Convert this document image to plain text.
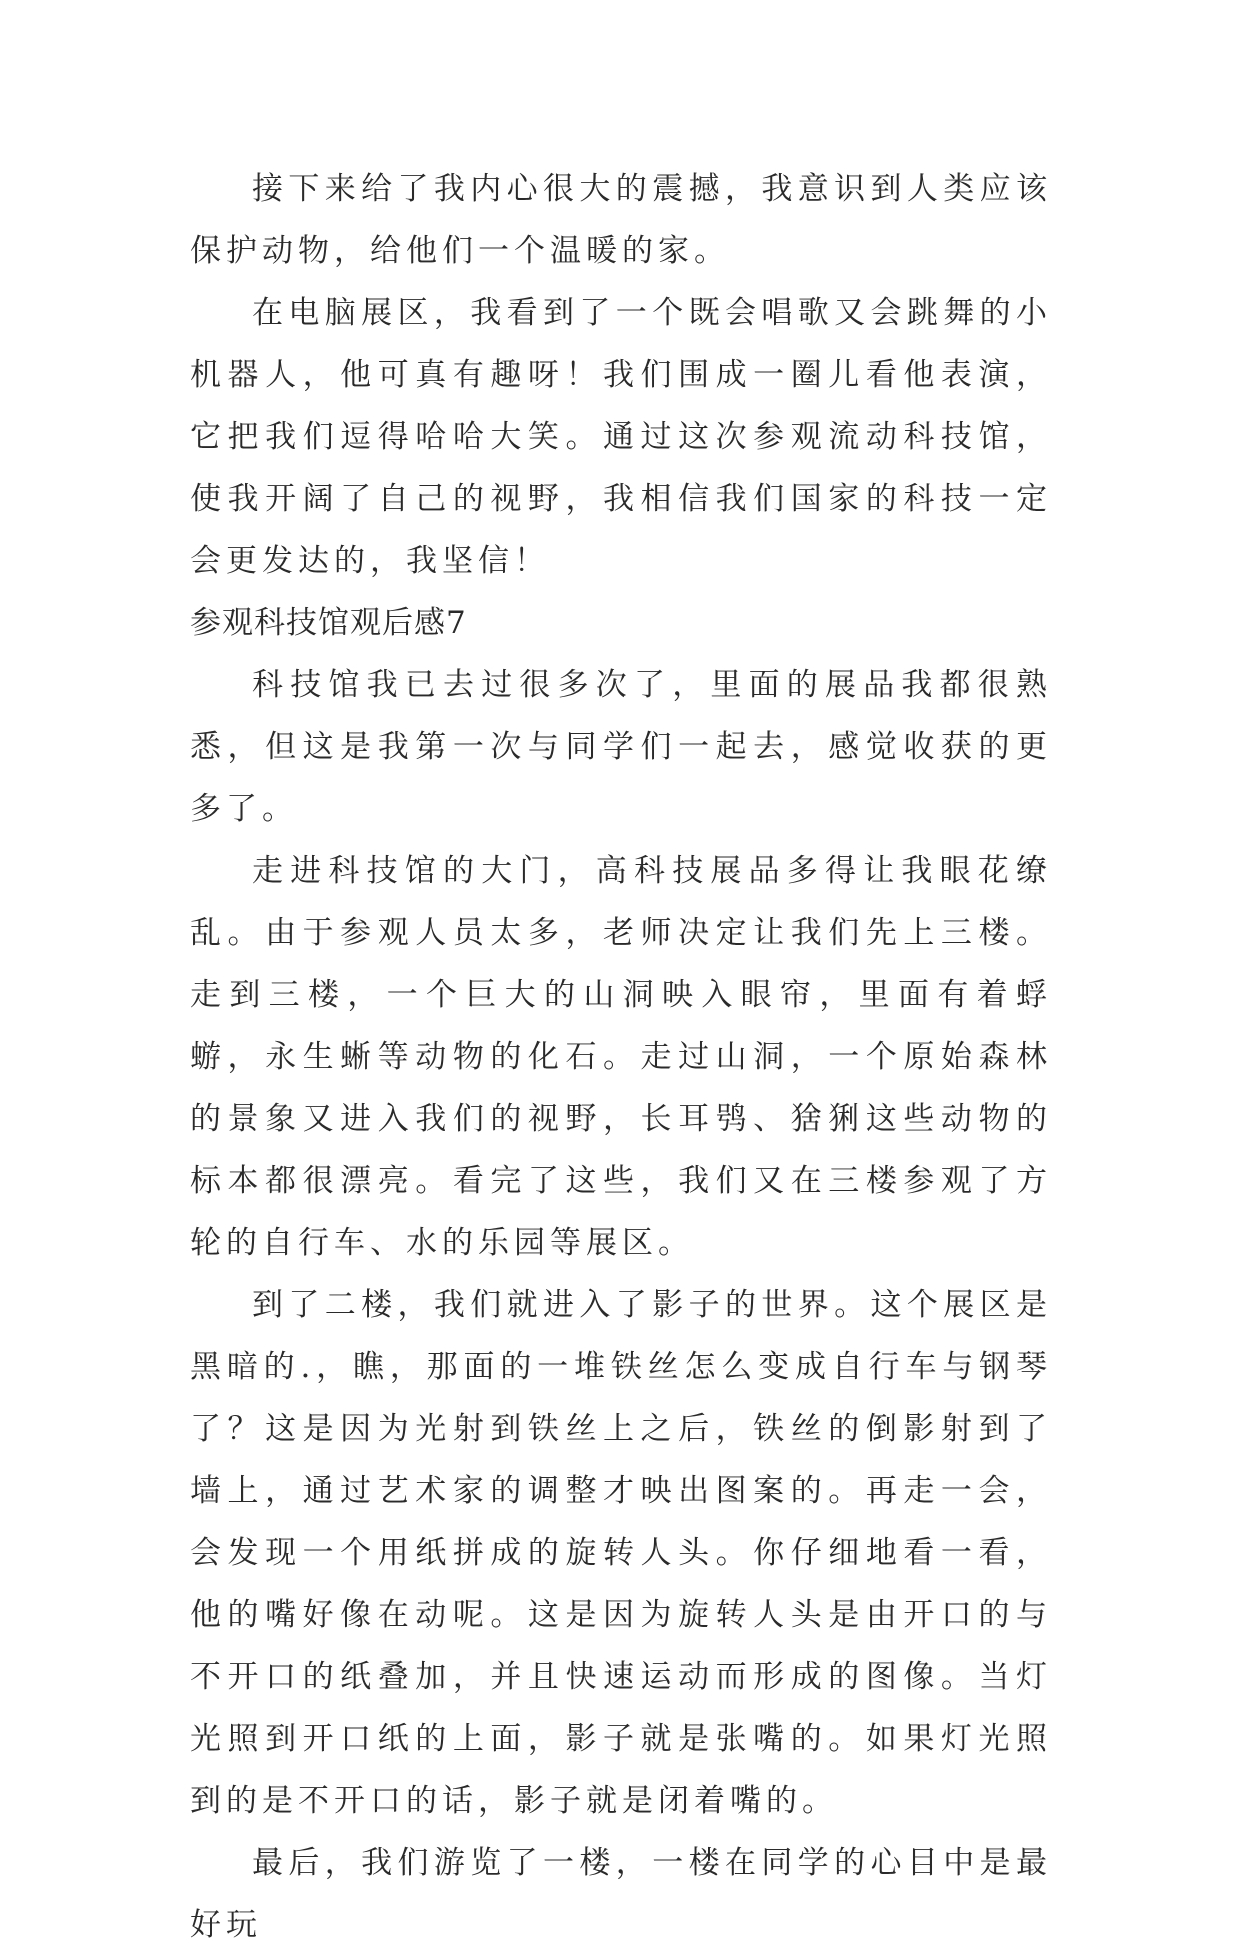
接下来给了我内心很大的震撼，我意识到人类应该保护动物，给他们一个温暖的家。

在电脑展区，我看到了一个既会唱歌又会跳舞的小机器人，他可真有趣呀！我们围成一圈儿看他表演，它把我们逗得哈哈大笑。通过这次参观流动科技馆，使我开阔了自己的视野，我相信我们国家的科技一定会更发达的，我坚信！

参观科技馆观后感7

科技馆我已去过很多次了，里面的展品我都很熟悉，但这是我第一次与同学们一起去，感觉收获的更多了。

走进科技馆的大门，高科技展品多得让我眼花缭乱。由于参观人员太多，老师决定让我们先上三楼。走到三楼，一个巨大的山洞映入眼帘，里面有着蜉蝣，永生蜥等动物的化石。走过山洞，一个原始森林的景象又进入我们的视野，长耳鸮、猞猁这些动物的标本都很漂亮。看完了这些，我们又在三楼参观了方轮的自行车、水的乐园等展区。

到了二楼，我们就进入了影子的世界。这个展区是黑暗的.，瞧，那面的一堆铁丝怎么变成自行车与钢琴了？这是因为光射到铁丝上之后，铁丝的倒影射到了墙上，通过艺术家的调整才映出图案的。再走一会，会发现一个用纸拼成的旋转人头。你仔细地看一看，他的嘴好像在动呢。这是因为旋转人头是由开口的与不开口的纸叠加，并且快速运动而形成的图像。当灯光照到开口纸的上面，影子就是张嘴的。如果灯光照到的是不开口的话，影子就是闭着嘴的。

最后，我们游览了一楼，一楼在同学的心目中是最好玩
